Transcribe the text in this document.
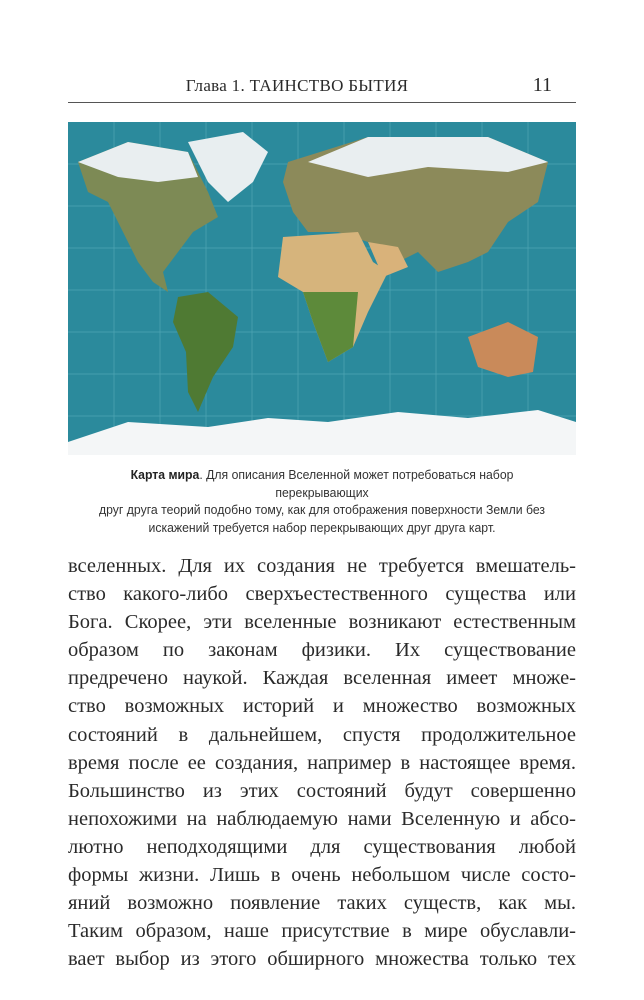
Глава 1. ТАИНСТВО БЫТИЯ	11
Карта мира. Для описания Вселенной может потребоваться набор перекрывающих
друг друга теорий подобно тому, как для отображения поверхности Земли без
искажений требуется набор перекрывающих друг друга карт.
вселенных. Для их создания не требуется вмешатель-
ство какого-либо сверхъестественного существа или
Бога. Скорее, эти вселенные возникают естественным
образом по законам физики. Их существование
предречено наукой. Каждая вселенная имеет множе-
ство возможных историй и множество возможных
состояний в дальнейшем, спустя продолжительное
время после ее создания, например в настоящее время.
Большинство из этих состояний будут совершенно
непохожими на наблюдаемую нами Вселенную и абсо-
лютно неподходящими для существования любой
формы жизни. Лишь в очень небольшом числе состо-
яний возможно появление таких существ, как мы.
Таким образом, наше присутствие в мире обуславли-
вает выбор из этого обширного множества только тех
